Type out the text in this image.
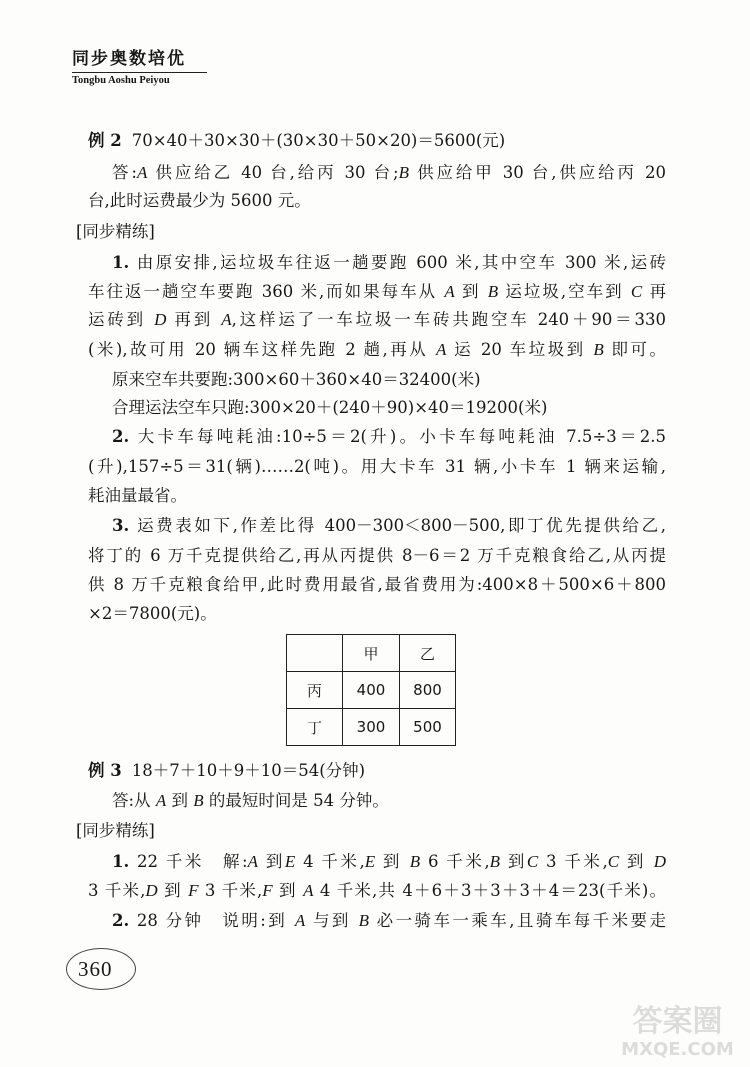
同步奥数培优
Tongbu Aoshu Peiyou
例 2 70×40＋30×30＋(30×30＋50×20)＝5600(元)
答:A 供应给乙 40 台,给丙 30 台;B 供应给甲 30 台,供应给丙 20
台,此时运费最少为 5600 元。
[同步精练]
1. 由原安排,运垃圾车往返一趟要跑 600 米,其中空车 300 米,运砖
车往返一趟空车要跑 360 米,而如果每车从 A 到 B 运垃圾,空车到 C 再
运砖到 D 再到 A,这样运了一车垃圾一车砖共跑空车 240＋90＝330
(米),故可用 20 辆车这样先跑 2 趟,再从 A 运 20 车垃圾到 B 即可。
原来空车共要跑:300×60＋360×40＝32400(米)
合理运法空车只跑:300×20＋(240＋90)×40＝19200(米)
2. 大卡车每吨耗油:10÷5＝2(升)。小卡车每吨耗油 7.5÷3＝2.5
(升),157÷5＝31(辆)……2(吨)。用大卡车 31 辆,小卡车 1 辆来运输,
耗油量最省。
3. 运费表如下,作差比得 400－300＜800－500,即丁优先提供给乙,
将丁的 6 万千克提供给乙,再从丙提供 8－6＝2 万千克粮食给乙,从丙提
供 8 万千克粮食给甲,此时费用最省,最省费用为:400×8＋500×6＋800
×2＝7800(元)。
	甲	乙
丙	400	800
丁	300	500
例 3 18＋7＋10＋9＋10＝54(分钟)
答:从 A 到 B 的最短时间是 54 分钟。
[同步精练]
1. 22 千米　解:A 到E 4 千米,E 到 B 6 千米,B 到C 3 千米,C 到 D
3 千米,D 到 F 3 千米,F 到 A 4 千米,共 4＋6＋3＋3＋3＋4＝23(千米)。
2. 28 分钟　说明:到 A 与到 B 必一骑车一乘车,且骑车每千米要走
360
答案圈
MXQE.COM
